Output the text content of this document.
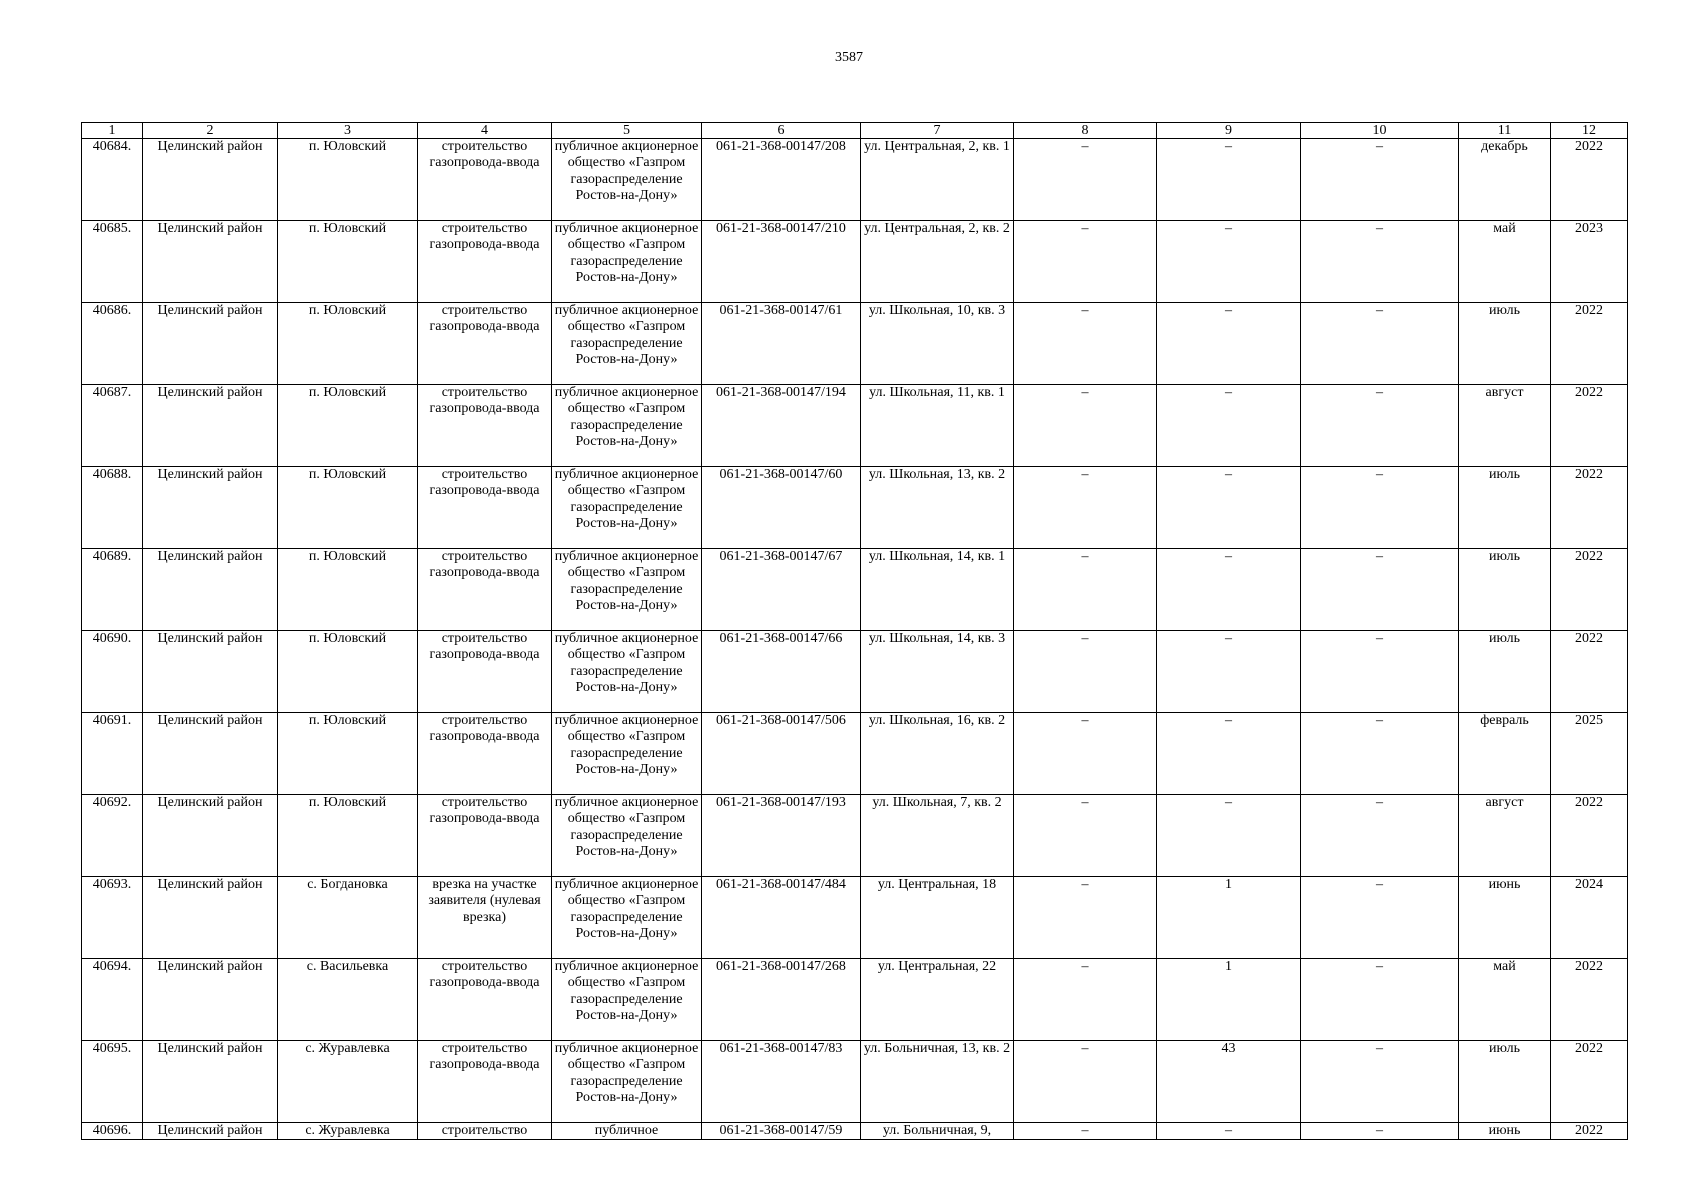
3587
1	2	3	4	5	6	7	8	9	10	11	12
40684.	Целинский район	п. Юловский	строительство газопровода-ввода	публичное акционерное общество «Газпром газораспределение Ростов-на-Дону»	061-21-368-00147/208	ул. Центральная, 2, кв. 1	–	–	–	декабрь	2022
40685.	Целинский район	п. Юловский	строительство газопровода-ввода	публичное акционерное общество «Газпром газораспределение Ростов-на-Дону»	061-21-368-00147/210	ул. Центральная, 2, кв. 2	–	–	–	май	2023
40686.	Целинский район	п. Юловский	строительство газопровода-ввода	публичное акционерное общество «Газпром газораспределение Ростов-на-Дону»	061-21-368-00147/61	ул. Школьная, 10, кв. 3	–	–	–	июль	2022
40687.	Целинский район	п. Юловский	строительство газопровода-ввода	публичное акционерное общество «Газпром газораспределение Ростов-на-Дону»	061-21-368-00147/194	ул. Школьная, 11, кв. 1	–	–	–	август	2022
40688.	Целинский район	п. Юловский	строительство газопровода-ввода	публичное акционерное общество «Газпром газораспределение Ростов-на-Дону»	061-21-368-00147/60	ул. Школьная, 13, кв. 2	–	–	–	июль	2022
40689.	Целинский район	п. Юловский	строительство газопровода-ввода	публичное акционерное общество «Газпром газораспределение Ростов-на-Дону»	061-21-368-00147/67	ул. Школьная, 14, кв. 1	–	–	–	июль	2022
40690.	Целинский район	п. Юловский	строительство газопровода-ввода	публичное акционерное общество «Газпром газораспределение Ростов-на-Дону»	061-21-368-00147/66	ул. Школьная, 14, кв. 3	–	–	–	июль	2022
40691.	Целинский район	п. Юловский	строительство газопровода-ввода	публичное акционерное общество «Газпром газораспределение Ростов-на-Дону»	061-21-368-00147/506	ул. Школьная, 16, кв. 2	–	–	–	февраль	2025
40692.	Целинский район	п. Юловский	строительство газопровода-ввода	публичное акционерное общество «Газпром газораспределение Ростов-на-Дону»	061-21-368-00147/193	ул. Школьная, 7, кв. 2	–	–	–	август	2022
40693.	Целинский район	с. Богдановка	врезка на участке заявителя (нулевая врезка)	публичное акционерное общество «Газпром газораспределение Ростов-на-Дону»	061-21-368-00147/484	ул. Центральная, 18	–	1	–	июнь	2024
40694.	Целинский район	с. Васильевка	строительство газопровода-ввода	публичное акционерное общество «Газпром газораспределение Ростов-на-Дону»	061-21-368-00147/268	ул. Центральная, 22	–	1	–	май	2022
40695.	Целинский район	с. Журавлевка	строительство газопровода-ввода	публичное акционерное общество «Газпром газораспределение Ростов-на-Дону»	061-21-368-00147/83	ул. Больничная, 13, кв. 2	–	43	–	июль	2022
40696.	Целинский район	с. Журавлевка	строительство	публичное	061-21-368-00147/59	ул. Больничная, 9,	–	–	–	июнь	2022
